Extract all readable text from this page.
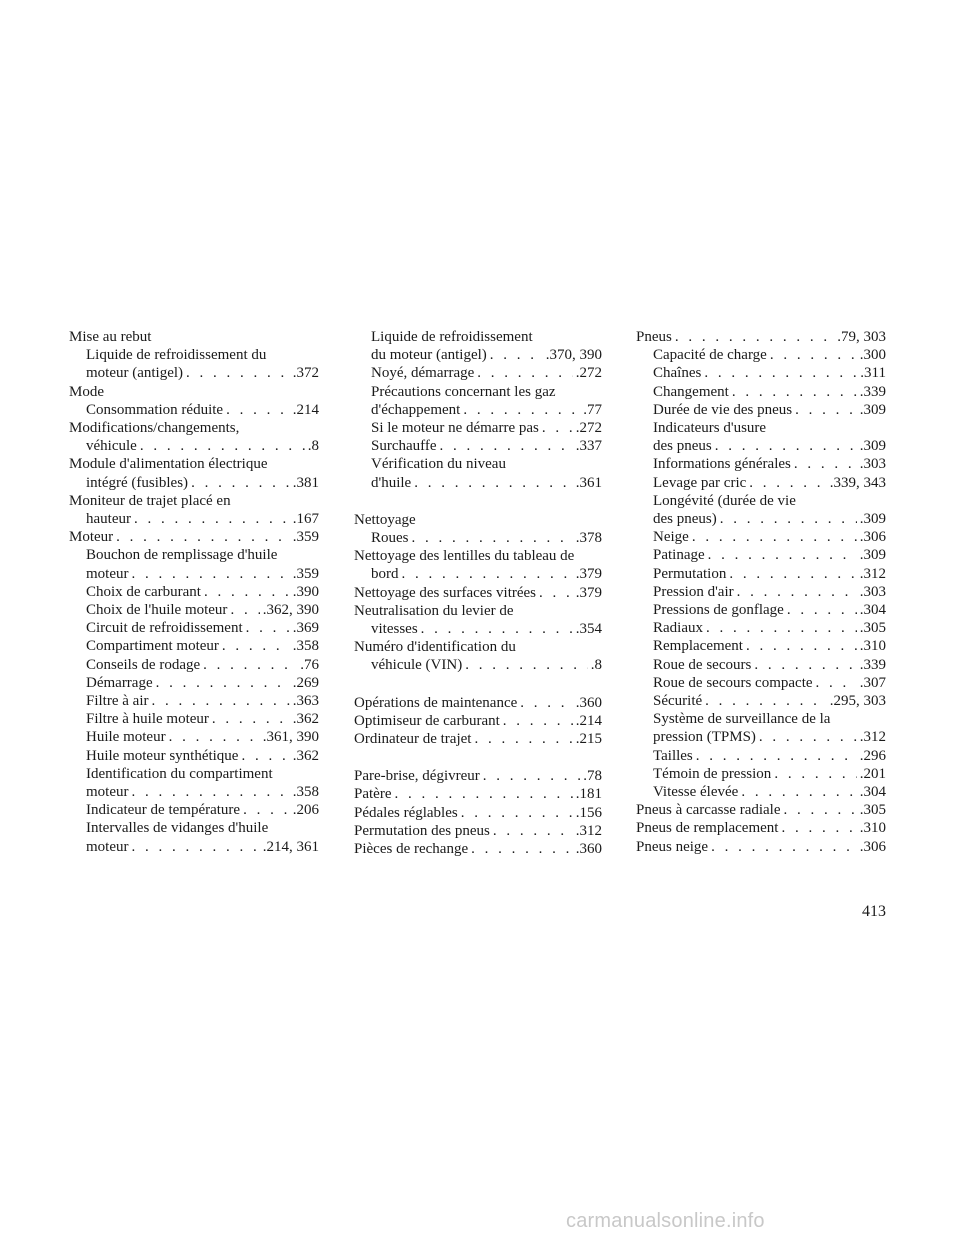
Mise au rebut
Liquide de refroidissement du
moteur (antigel) . . .	.372
Mode
Consommation réduite . . .	.214
Modifications/changements,
véhicule . . .	.8
Module d'alimentation électrique
intégré (fusibles) . . .	.381
Moniteur de trajet placé en
hauteur . . .	.167
Moteur . . .	.359
Bouchon de remplissage d'huile
moteur . . .	.359
Choix de carburant . . .	.390
Choix de l'huile moteur . . . .362, 390
Circuit de refroidissement . . .	.369
Compartiment moteur . . .	.358
Conseils de rodage . . .	.76
Démarrage . . .	.269
Filtre à air . . .	.363
Filtre à huile moteur . . .	.362
Huile moteur . . .	.361, 390
Huile moteur synthétique . . .	.362
Identification du compartiment
moteur . . .	.358
Indicateur de température . . .	.206
Intervalles de vidanges d'huile
moteur . . .	.214, 361
Liquide de refroidissement
du moteur (antigel) . . .	.370, 390
Noyé, démarrage . . .	.272
Précautions concernant les gaz
d'échappement . . .	.77
Si le moteur ne démarre pas . . . .272
Surchauffe . . .	.337
Vérification du niveau
d'huile . . .	.361
Nettoyage
Roues . . .	.378
Nettoyage des lentilles du tableau de
bord . . .	.379
Nettoyage des surfaces vitrées . . .	.379
Neutralisation du levier de
vitesses . . .	.354
Numéro d'identification du
véhicule (VIN) . . .	.8
Opérations de maintenance . . .	.360
Optimiseur de carburant . . .	.214
Ordinateur de trajet . . .	.215
Pare-brise, dégivreur . . .	.78
Patère . . .	.181
Pédales réglables . . .	.156
Permutation des pneus . . .	.312
Pièces de rechange . . .	.360
Pneus . . .	.79, 303
Capacité de charge . . .	.300
Chaînes . . .	.311
Changement . . .	.339
Durée de vie des pneus . . .	.309
Indicateurs d'usure
des pneus . . .	.309
Informations générales . . .	.303
Levage par cric . . .	.339, 343
Longévité (durée de vie
des pneus) . . .	.309
Neige . . .	.306
Patinage . . .	.309
Permutation . . .	.312
Pression d'air . . .	.303
Pressions de gonflage . . .	.304
Radiaux . . .	.305
Remplacement . . .	.310
Roue de secours . . .	.339
Roue de secours compacte . . .	.307
Sécurité . . .	.295, 303
Système de surveillance de la
pression (TPMS) . . .	.312
Tailles . . .	.296
Témoin de pression . . .	.201
Vitesse élevée . . .	.304
Pneus à carcasse radiale . . .	.305
Pneus de remplacement . . .	.310
Pneus neige . . .	.306
413
carmanualsonline.info
